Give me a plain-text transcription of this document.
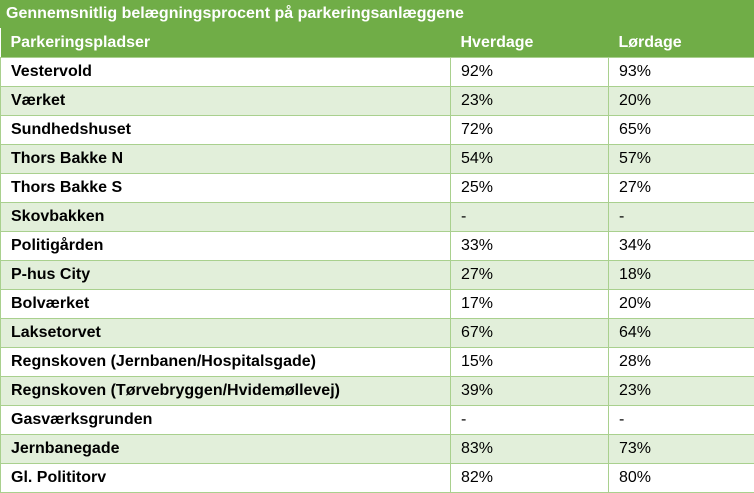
Gennemsnitlig belægningsprocent på parkeringsanlæggene
Parkeringspladser	Hverdage	Lørdage
Vestervold	92%	93%
Værket	23%	20%
Sundhedshuset	72%	65%
Thors Bakke N	54%	57%
Thors Bakke S	25%	27%
Skovbakken	-	-
Politigården	33%	34%
P-hus City	27%	18%
Bolværket	17%	20%
Laksetorvet	67%	64%
Regnskoven (Jernbanen/Hospitalsgade)	15%	28%
Regnskoven (Tørvebryggen/Hvidemøllevej)	39%	23%
Gasværksgrunden	-	-
Jernbanegade	83%	73%
Gl. Polititorv	82%	80%
